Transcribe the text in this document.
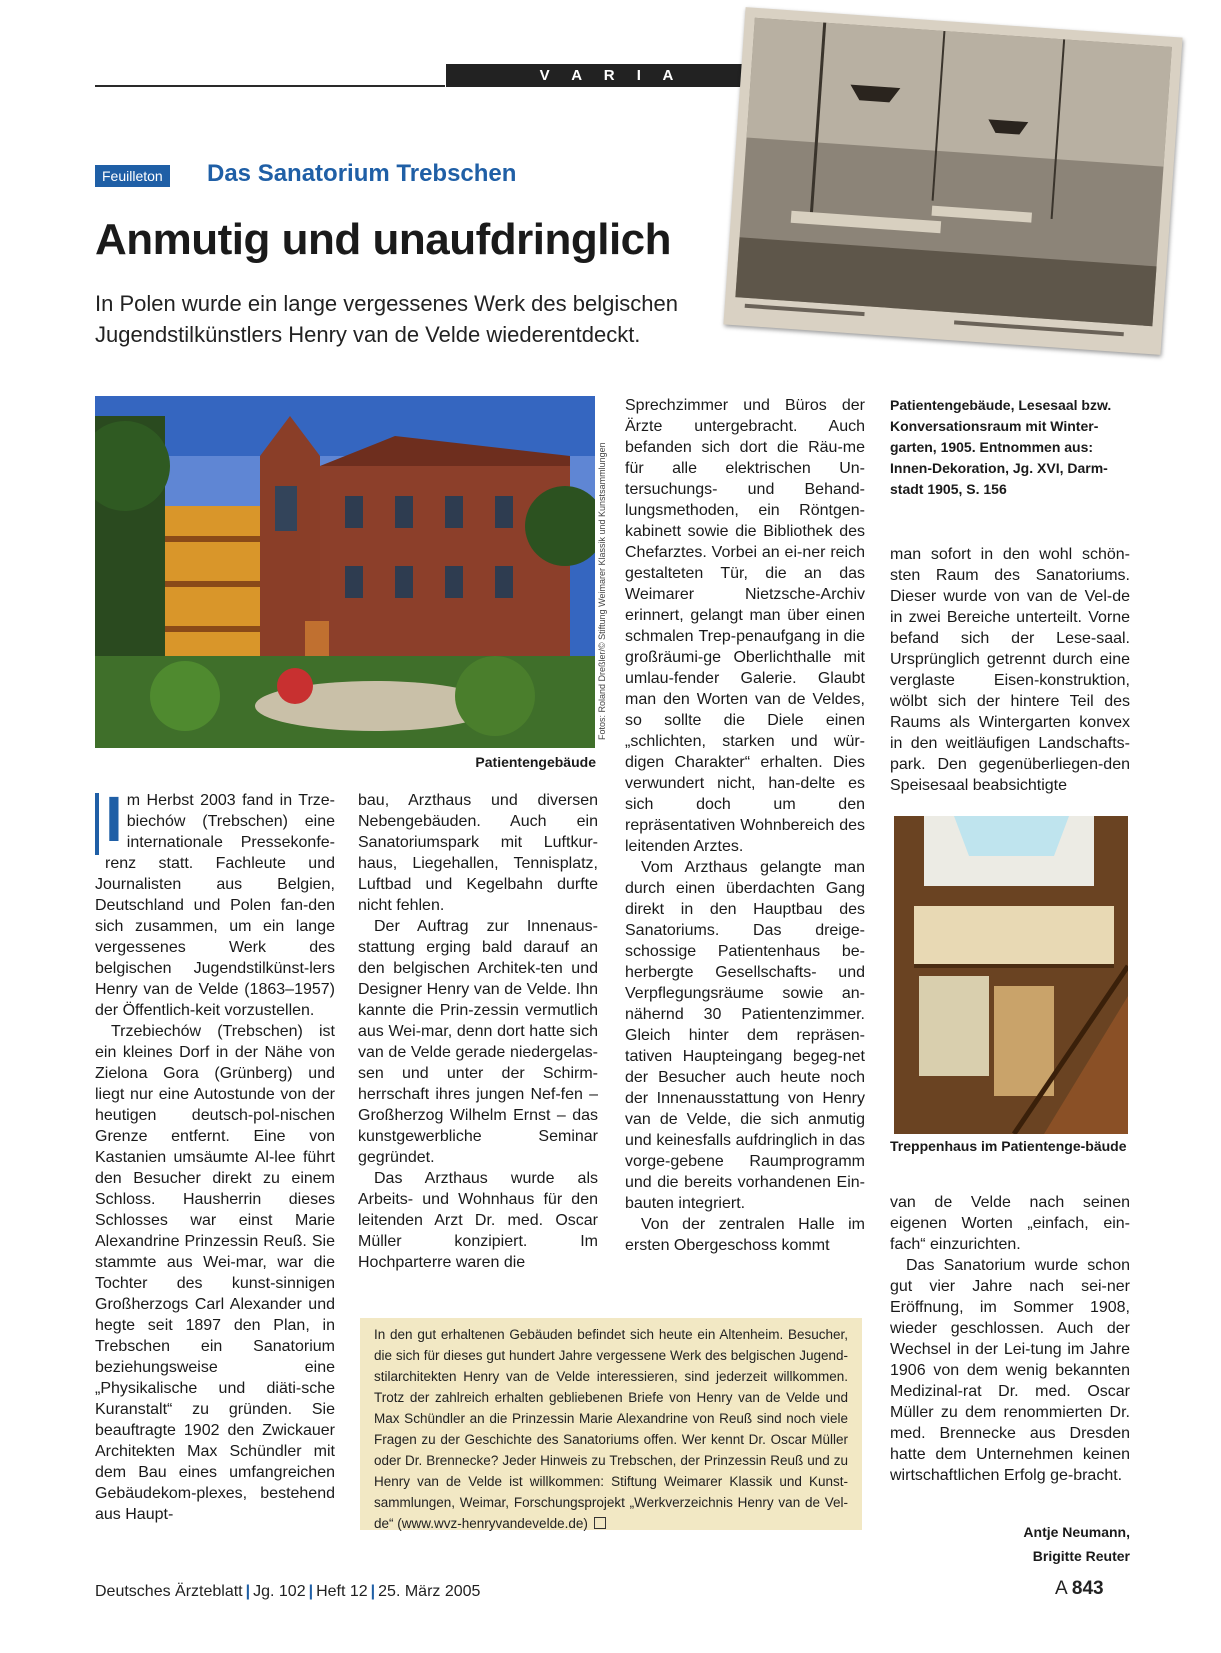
V A R I A
Feuilleton Das Sanatorium Trebschen
Anmutig und unaufdringlich
In Polen wurde ein lange vergessenes Werk des belgischen Jugendstilkünstlers Henry van de Velde wiederentdeckt.
Fotos: Roland Dreßler/© Stiftung Weimarer Klassik und Kunstsammlungen
Patientengebäude
Patientengebäude, Lesesaal bzw. Konversationsraum mit Winter-garten, 1905. Entnommen aus: Innen-Dekoration, Jg. XVI, Darm-stadt 1905, S. 156
Treppenhaus im Patientenge-bäude
I m Herbst 2003 fand in Trze-biechów (Trebschen) eine internationale Pressekonfe-renz statt. Fachleute und Journalisten aus Belgien, Deutschland und Polen fan-den sich zusammen, um ein lange vergessenes Werk des belgischen Jugendstilkünst-lers Henry van de Velde (1863–1957) der Öffentlich-keit vorzustellen.

Trzebiechów (Trebschen) ist ein kleines Dorf in der Nähe von Zielona Gora (Grünberg) und liegt nur eine Autostunde von der heutigen deutsch-pol-nischen Grenze entfernt. Eine von Kastanien umsäumte Al-lee führt den Besucher direkt zu einem Schloss. Hausherrin dieses Schlosses war einst Marie Alexandrine Prinzessin Reuß. Sie stammte aus Wei-mar, war die Tochter des kunst-sinnigen Großherzogs Carl Alexander und hegte seit 1897 den Plan, in Trebschen ein Sanatorium beziehungsweise eine „Physikalische und diäti-sche Kuranstalt“ zu gründen. Sie beauftragte 1902 den Zwickauer Architekten Max Schündler mit dem Bau eines umfangreichen Gebäudekom-plexes, bestehend aus Haupt-

bau, Arzthaus und diversen Nebengebäuden. Auch ein Sanatoriumspark mit Luftkur-haus, Liegehallen, Tennisplatz, Luftbad und Kegelbahn durfte nicht fehlen.

Der Auftrag zur Innenaus-stattung erging bald darauf an den belgischen Architek-ten und Designer Henry van de Velde. Ihn kannte die Prin-zessin vermutlich aus Wei-mar, denn dort hatte sich van de Velde gerade niedergelas-sen und unter der Schirm-herrschaft ihres jungen Nef-fen – Großherzog Wilhelm Ernst – das kunstgewerbliche Seminar gegründet.

Das Arzthaus wurde als Arbeits- und Wohnhaus für den leitenden Arzt Dr. med. Oscar Müller konzipiert. Im Hochparterre waren die

Sprechzimmer und Büros der Ärzte untergebracht. Auch befanden sich dort die Räu-me für alle elektrischen Un-tersuchungs- und Behand-lungsmethoden, ein Röntgen-kabinett sowie die Bibliothek des Chefarztes. Vorbei an ei-ner reich gestalteten Tür, die an das Weimarer Nietzsche-Archiv erinnert, gelangt man über einen schmalen Trep-penaufgang in die großräumi-ge Oberlichthalle mit umlau-fender Galerie. Glaubt man den Worten van de Veldes, so sollte die Diele einen „schlichten, starken und wür-digen Charakter“ erhalten. Dies verwundert nicht, han-delte es sich doch um den repräsentativen Wohnbereich des leitenden Arztes.

Vom Arzthaus gelangte man durch einen überdachten Gang direkt in den Hauptbau des Sanatoriums. Das dreige-schossige Patientenhaus be-herbergte Gesellschafts- und Verpflegungsräume sowie an-nähernd 30 Patientenzimmer. Gleich hinter dem repräsen-tativen Haupteingang begeg-net der Besucher auch heute noch der Innenausstattung von Henry van de Velde, die sich anmutig und keinesfalls aufdringlich in das vorge-gebene Raumprogramm und die bereits vorhandenen Ein-bauten integriert.

Von der zentralen Halle im ersten Obergeschoss kommt

man sofort in den wohl schön-sten Raum des Sanatoriums. Dieser wurde von van de Vel-de in zwei Bereiche unterteilt. Vorne befand sich der Lese-saal. Ursprünglich getrennt durch eine verglaste Eisen-konstruktion, wölbt sich der hintere Teil des Raums als Wintergarten konvex in den weitläufigen Landschafts-park. Den gegenüberliegen-den Speisesaal beabsichtigte

van de Velde nach seinen eigenen Worten „einfach, ein-fach“ einzurichten.

Das Sanatorium wurde schon gut vier Jahre nach sei-ner Eröffnung, im Sommer 1908, wieder geschlossen. Auch der Wechsel in der Lei-tung im Jahre 1906 von dem wenig bekannten Medizinal-rat Dr. med. Oscar Müller zu dem renommierten Dr. med. Brennecke aus Dresden hatte dem Unternehmen keinen wirtschaftlichen Erfolg ge-bracht.

Antje Neumann,
Brigitte Reuter
In den gut erhaltenen Gebäuden befindet sich heute ein Altenheim. Besucher, die sich für dieses gut hundert Jahre vergessene Werk des belgischen Jugend-stilarchitekten Henry van de Velde interessieren, sind jederzeit willkommen. Trotz der zahlreich erhalten gebliebenen Briefe von Henry van de Velde und Max Schündler an die Prinzessin Marie Alexandrine von Reuß sind noch viele Fragen zu der Geschichte des Sanatoriums offen. Wer kennt Dr. Oscar Müller oder Dr. Brennecke? Jeder Hinweis zu Trebschen, der Prinzessin Reuß und zu Henry van de Velde ist willkommen: Stiftung Weimarer Klassik und Kunst-sammlungen, Weimar, Forschungsprojekt „Werkverzeichnis Henry van de Vel-de“ (www.wvz-henryvandevelde.de)
Deutsches Ärzteblatt | Jg. 102 | Heft 12 | 25. März 2005	A 843
